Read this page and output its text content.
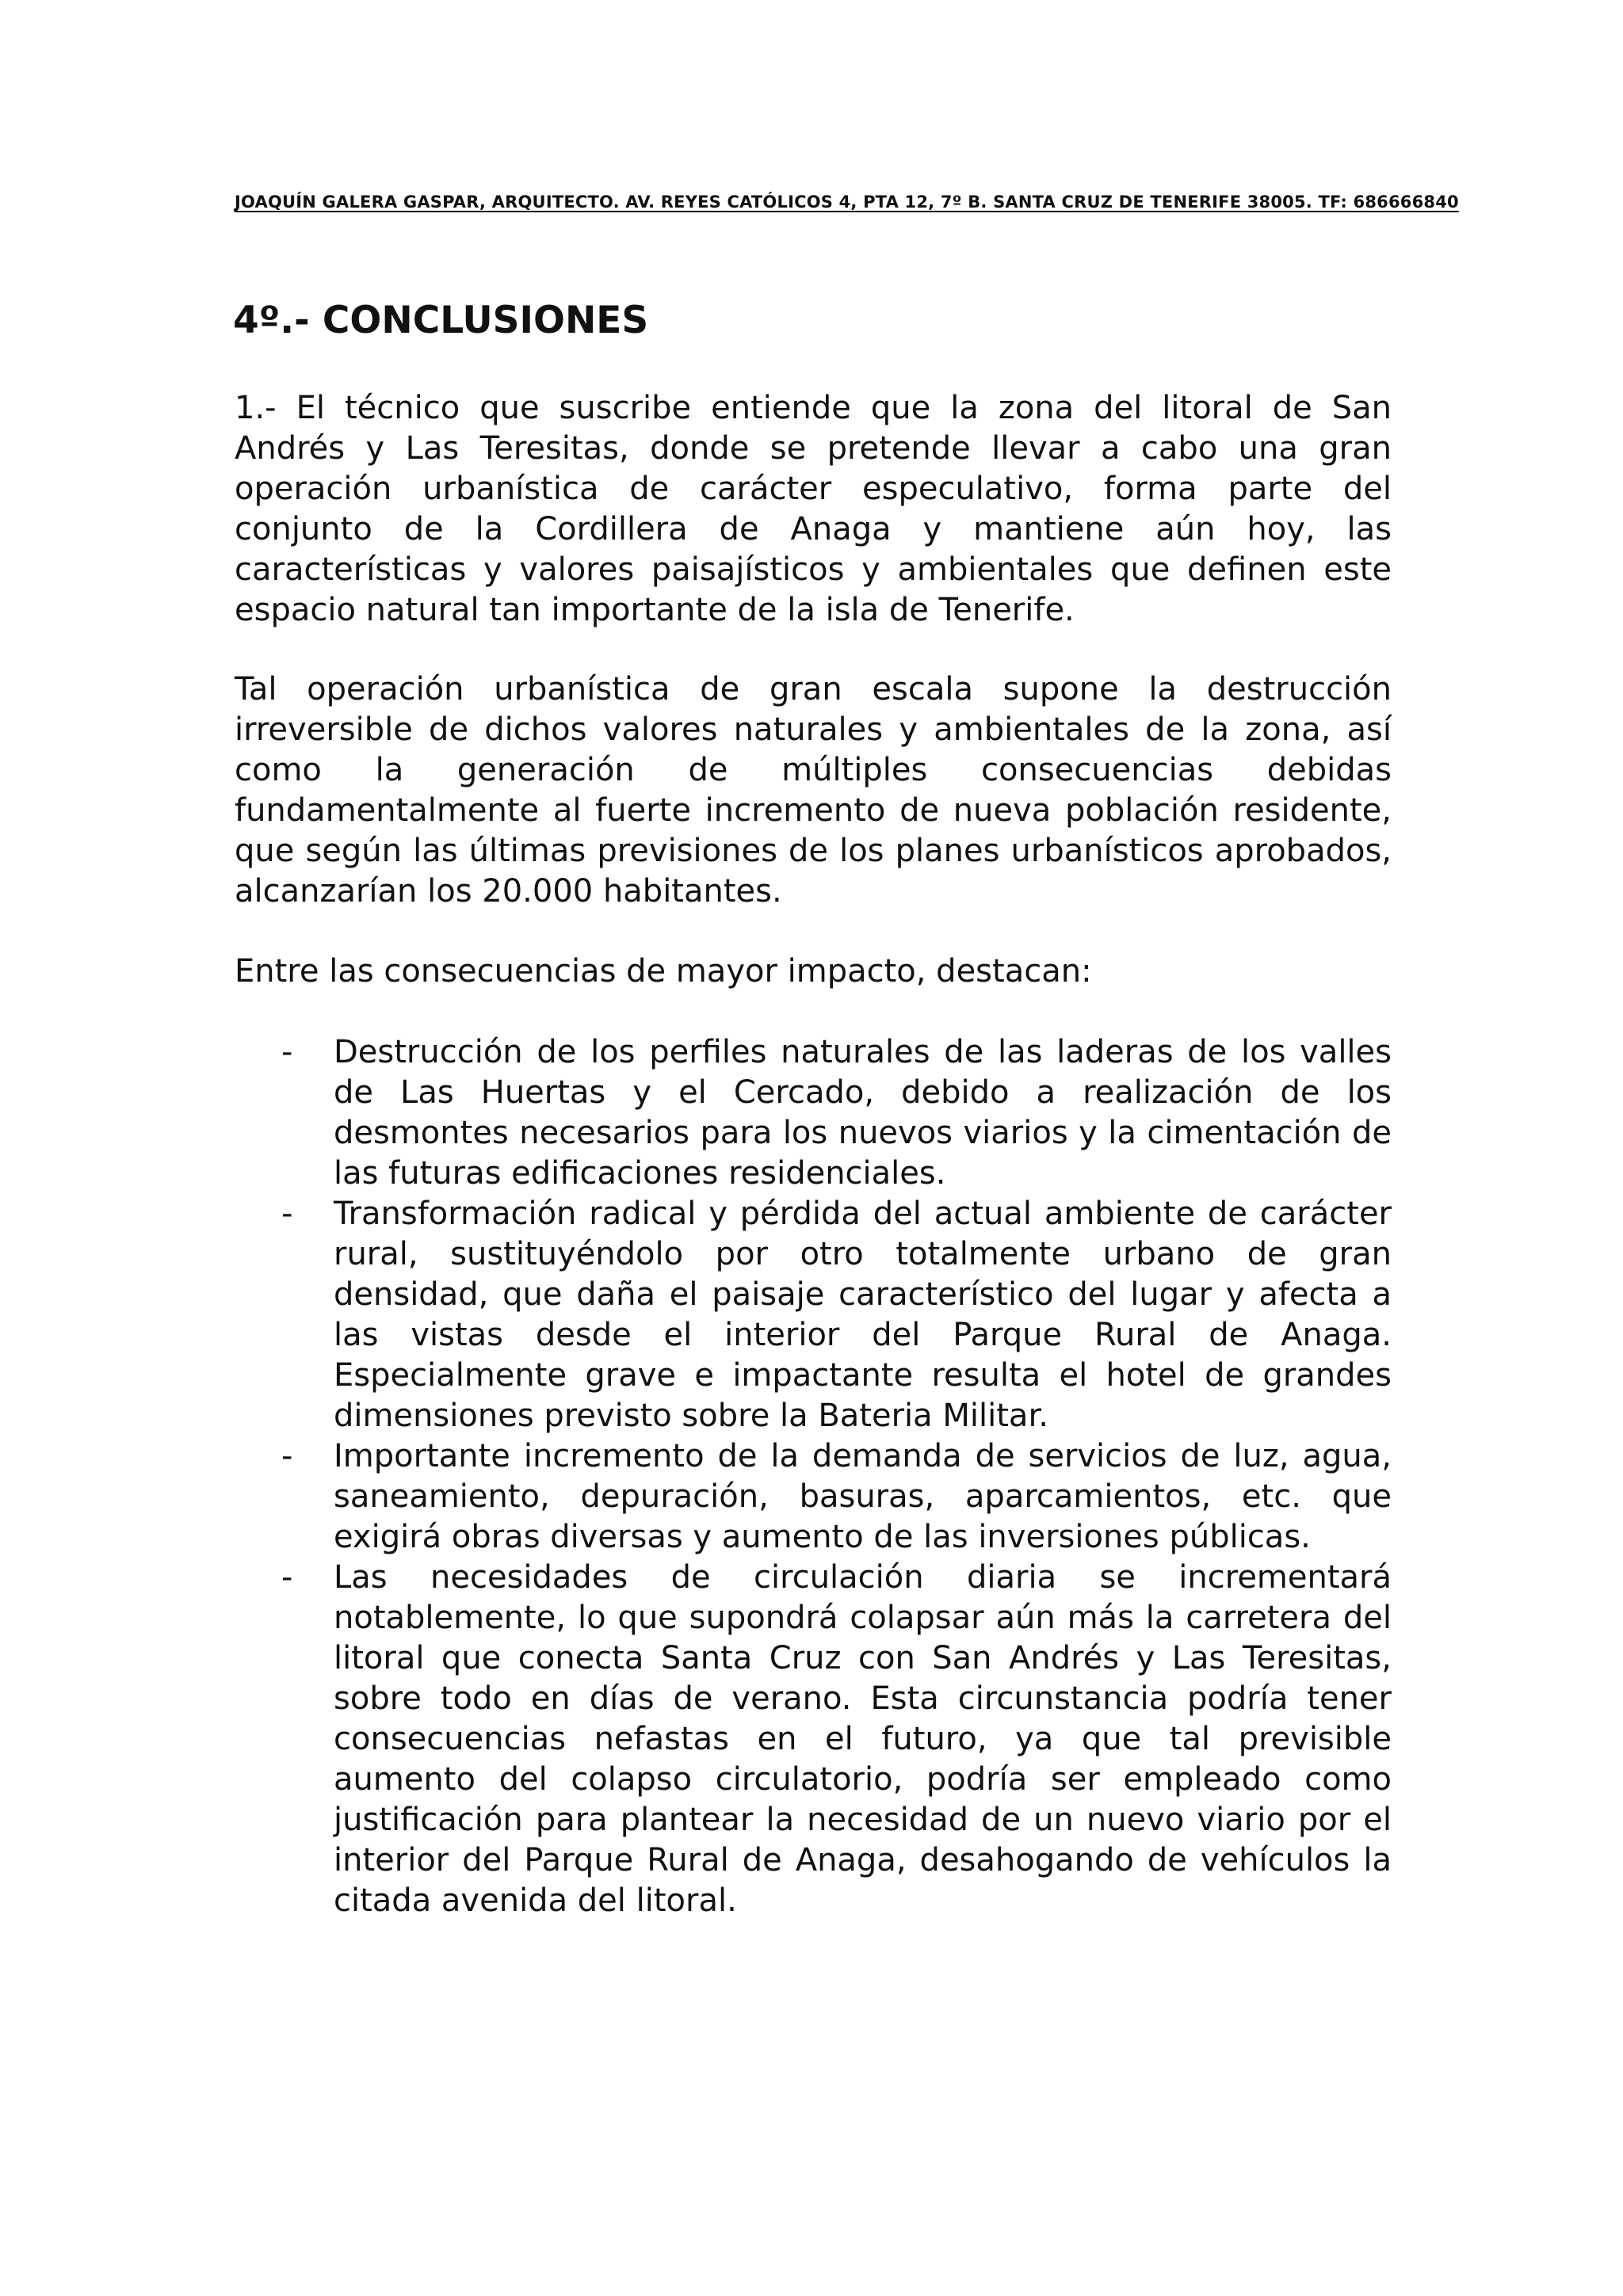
JOAQUÍN GALERA GASPAR, ARQUITECTO. AV. REYES CATÓLICOS 4, PTA 12, 7º B. SANTA CRUZ DE TENERIFE 38005. TF: 686666840
4º.- CONCLUSIONES

1.- El técnico que suscribe entiende que la zona del litoral de San Andrés y Las Teresitas, donde se pretende llevar a cabo una gran operación urbanística de carácter especulativo, forma parte del conjunto de la Cordillera de Anaga y mantiene aún hoy, las características y valores paisajísticos y ambientales que definen este espacio natural tan importante de la isla de Tenerife.

Tal operación urbanística de gran escala supone la destrucción irreversible de dichos valores naturales y ambientales de la zona, así como la generación de múltiples consecuencias debidas fundamentalmente al fuerte incremento de nueva población residente, que según las últimas previsiones de los planes urbanísticos aprobados, alcanzarían los 20.000 habitantes.

Entre las consecuencias de mayor impacto, destacan:

-	Destrucción de los perfiles naturales de las laderas de los valles de Las Huertas y el Cercado, debido a realización de los desmontes necesarios para los nuevos viarios y la cimentación de las futuras edificaciones residenciales.
-	Transformación radical y pérdida del actual ambiente de carácter rural, sustituyéndolo por otro totalmente urbano de gran densidad, que daña el paisaje característico del lugar y afecta a las vistas desde el interior del Parque Rural de Anaga. Especialmente grave e impactante resulta el hotel de grandes dimensiones previsto sobre la Bateria Militar.
-	Importante incremento de la demanda de servicios de luz, agua, saneamiento, depuración, basuras, aparcamientos, etc. que exigirá obras diversas y aumento de las inversiones públicas.
-	Las necesidades de circulación diaria se incrementará notablemente, lo que supondrá colapsar aún más la carretera del litoral que conecta Santa Cruz con San Andrés y Las Teresitas, sobre todo en días de verano. Esta circunstancia podría tener consecuencias nefastas en el futuro, ya que tal previsible aumento del colapso circulatorio, podría ser empleado como justificación para plantear la necesidad de un nuevo viario por el interior del Parque Rural de Anaga, desahogando de vehículos la citada avenida del litoral.
